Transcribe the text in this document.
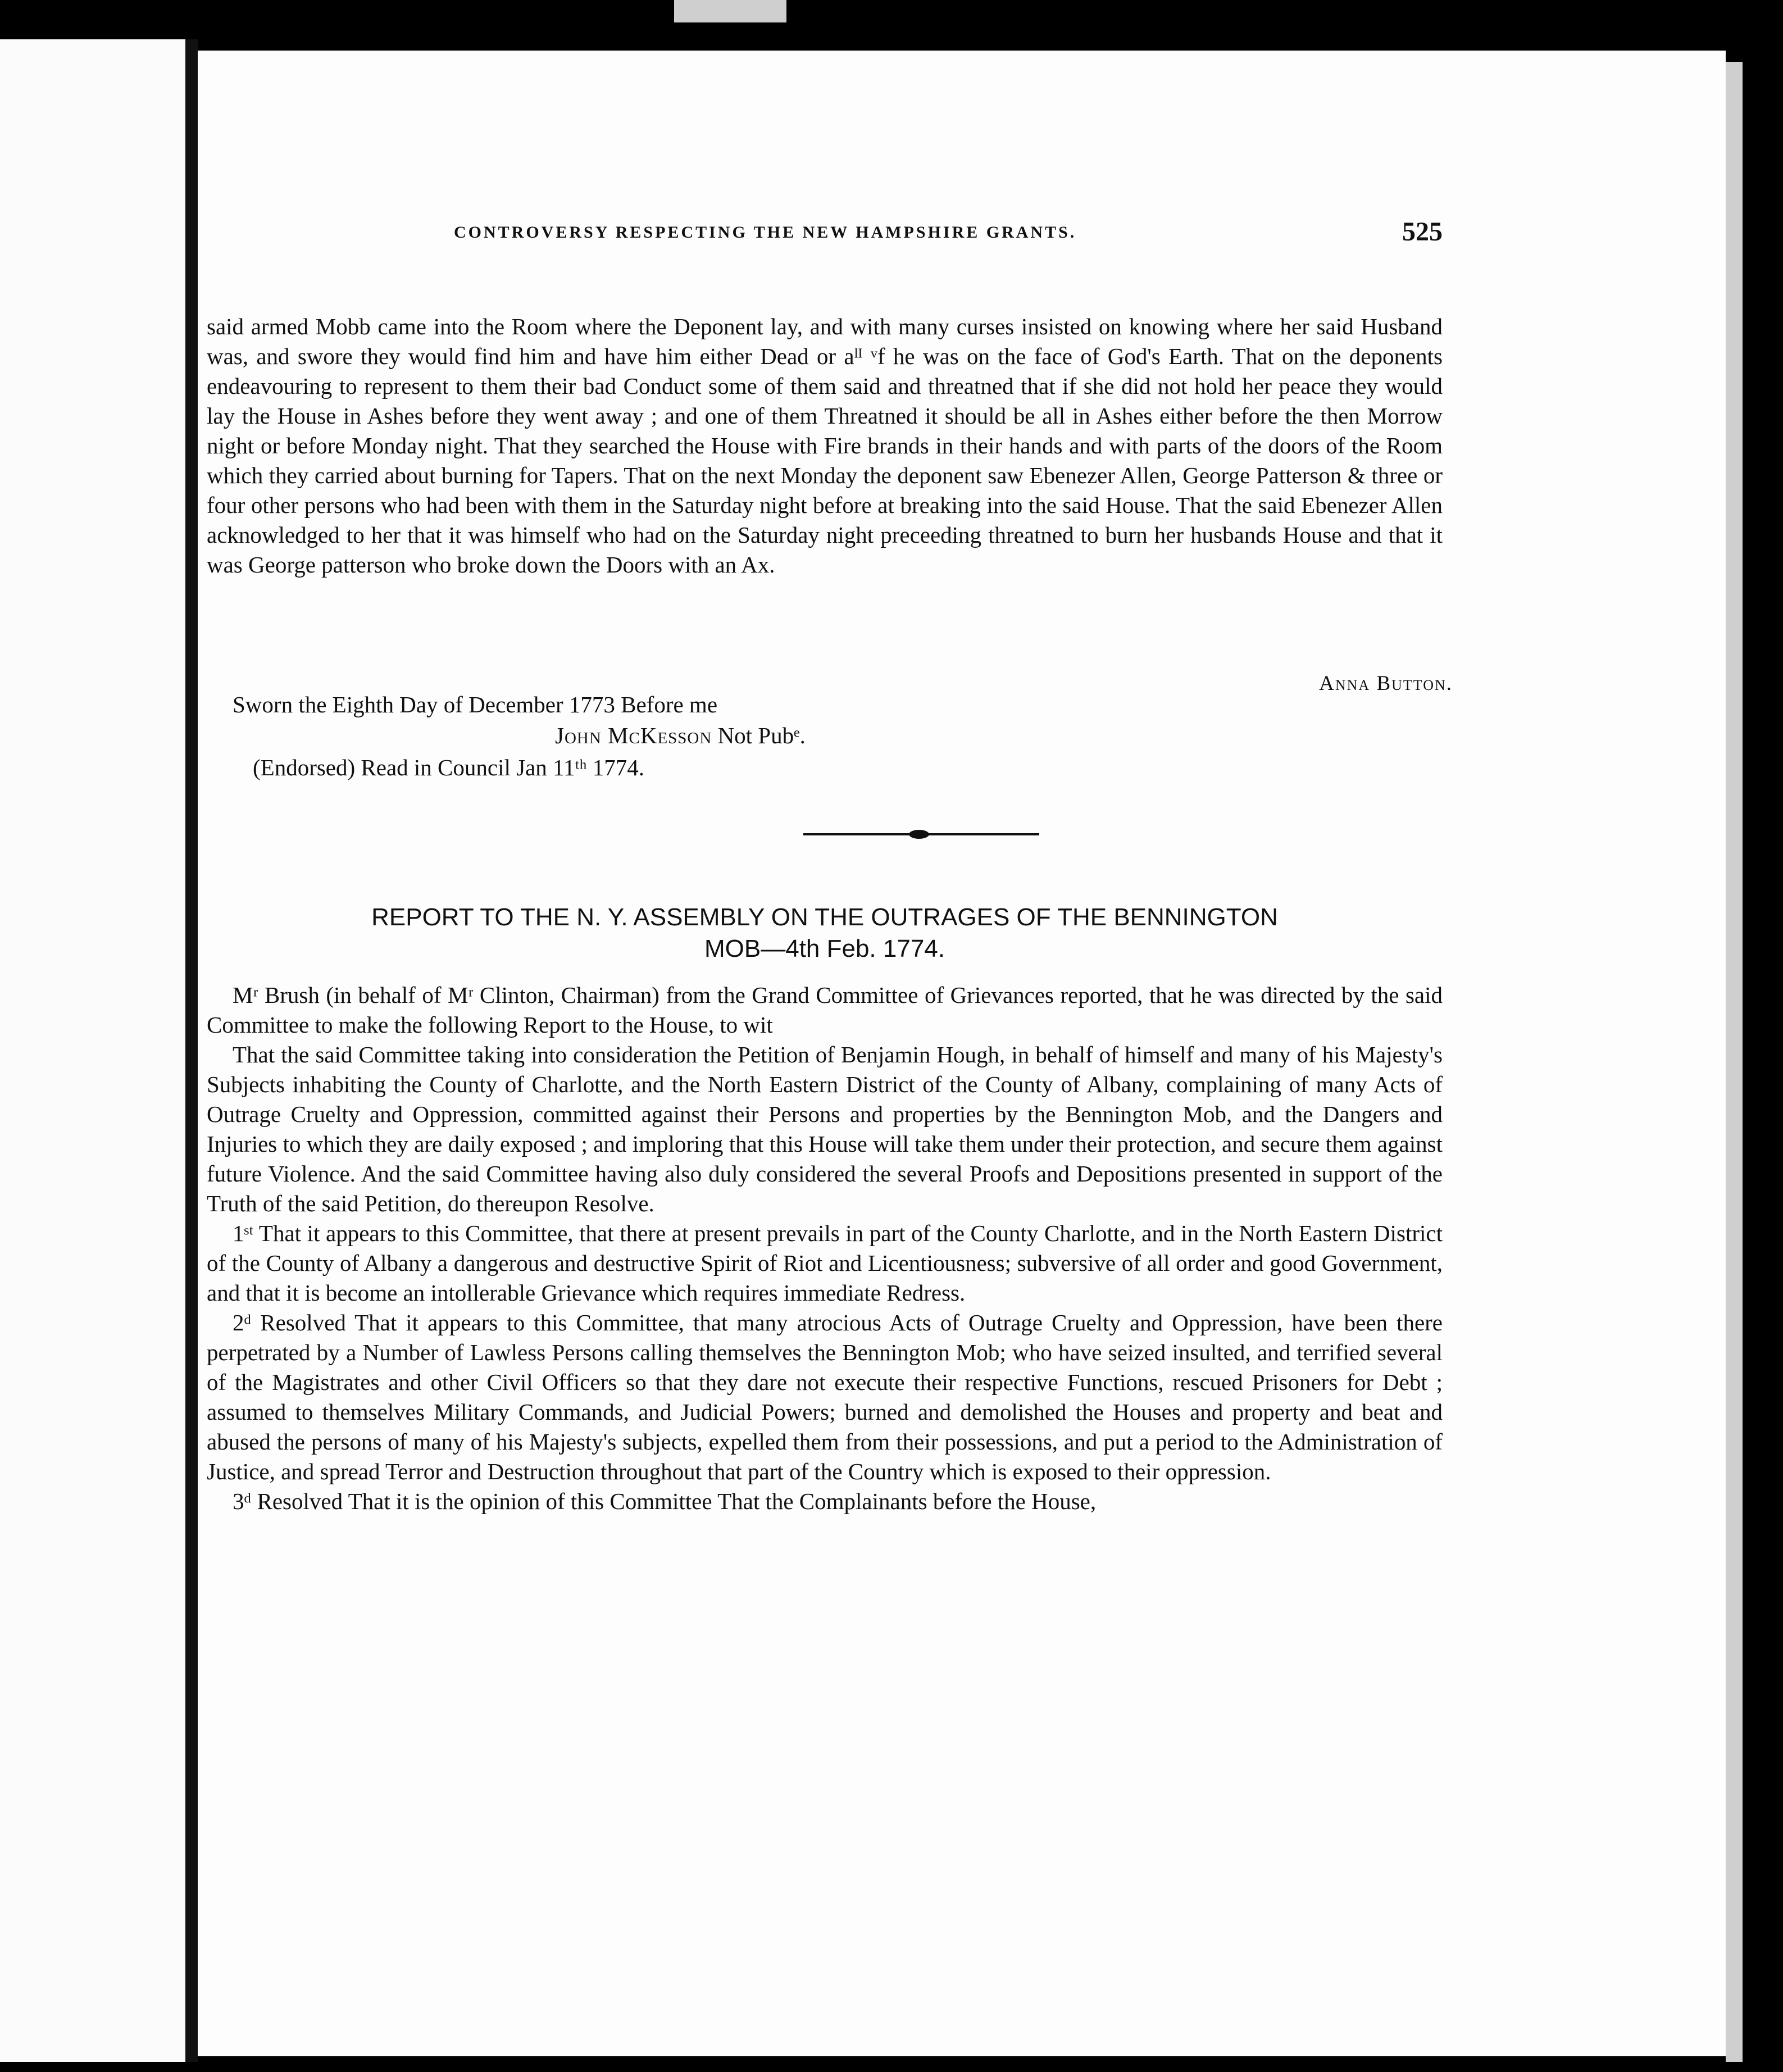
CONTROVERSY RESPECTING THE NEW HAMPSHIRE GRANTS.	525
said armed Mobb came into the Room where the Deponent lay, and with many curses insisted on knowing where her said Husband was, and swore they would find him and have him either Dead or aˡᴵ ᵛf he was on the face of God's Earth. That on the deponents endeavouring to represent to them their bad Conduct some of them said and threatned that if she did not hold her peace they would lay the House in Ashes before they went away ; and one of them Threatned it should be all in Ashes either before the then Morrow night or before Monday night. That they searched the House with Fire brands in their hands and with parts of the doors of the Room which they carried about burning for Tapers. That on the next Monday the deponent saw Ebenezer Allen, George Patterson & three or four other persons who had been with them in the Saturday night before at breaking into the said House. That the said Ebenezer Allen acknowledged to her that it was himself who had on the Saturday night preceeding threatned to burn her husbands House and that it was George patterson who broke down the Doors with an Ax.
Anna Button.
Sworn the Eighth Day of December 1773 Before me
John McKesson Not Pubᵉ.
(Endorsed) Read in Council Jan 11ᵗʰ 1774.
REPORT TO THE N. Y. ASSEMBLY ON THE OUTRAGES OF THE BENNINGTON
MOB—4th Feb. 1774.
Mʳ Brush (in behalf of Mʳ Clinton, Chairman) from the Grand Committee of Grievances reported, that he was directed by the said Committee to make the following Report to the House, to wit
That the said Committee taking into consideration the Petition of Benjamin Hough, in behalf of himself and many of his Majesty's Subjects inhabiting the County of Charlotte, and the North Eastern District of the County of Albany, complaining of many Acts of Outrage Cruelty and Oppression, committed against their Persons and properties by the Bennington Mob, and the Dangers and Injuries to which they are daily exposed ; and imploring that this House will take them under their protection, and secure them against future Violence. And the said Committee having also duly considered the several Proofs and Depositions presented in support of the Truth of the said Petition, do thereupon Resolve.
1ˢᵗ That it appears to this Committee, that there at present prevails in part of the County Charlotte, and in the North Eastern District of the County of Albany a dangerous and destructive Spirit of Riot and Licentiousness; subversive of all order and good Government, and that it is become an intollerable Grievance which requires immediate Redress.
2ᵈ Resolved That it appears to this Committee, that many atrocious Acts of Outrage Cruelty and Oppression, have been there perpetrated by a Number of Lawless Persons calling themselves the Bennington Mob; who have seized insulted, and terrified several of the Magistrates and other Civil Officers so that they dare not execute their respective Functions, rescued Prisoners for Debt ; assumed to themselves Military Commands, and Judicial Powers; burned and demolished the Houses and property and beat and abused the persons of many of his Majesty's subjects, expelled them from their possessions, and put a period to the Administration of Justice, and spread Terror and Destruction throughout that part of the Country which is exposed to their oppression.
3ᵈ Resolved That it is the opinion of this Committee That the Complainants before the House,
